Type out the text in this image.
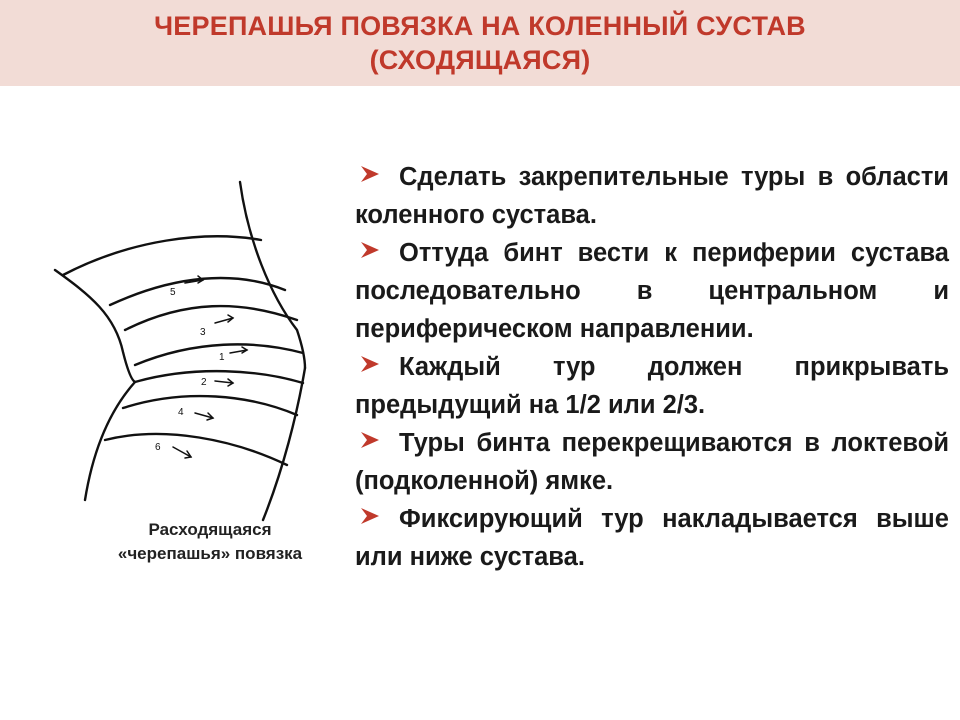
ЧЕРЕПАШЬЯ ПОВЯЗКА НА КОЛЕННЫЙ СУСТАВ
(СХОДЯЩАЯСЯ)
5
3
1
2
4
6
Расходящаяся
«черепашья» повязка
Сделать закрепительные туры в области коленного сустава.
Оттуда бинт вести к периферии сустава последовательно в центральном и периферическом направлении.
Каждый тур должен прикрывать предыдущий на 1/2 или 2/3.
Туры бинта перекрещиваются в локтевой (подколенной) ямке.
Фиксирующий тур накладывается выше или ниже сустава.
